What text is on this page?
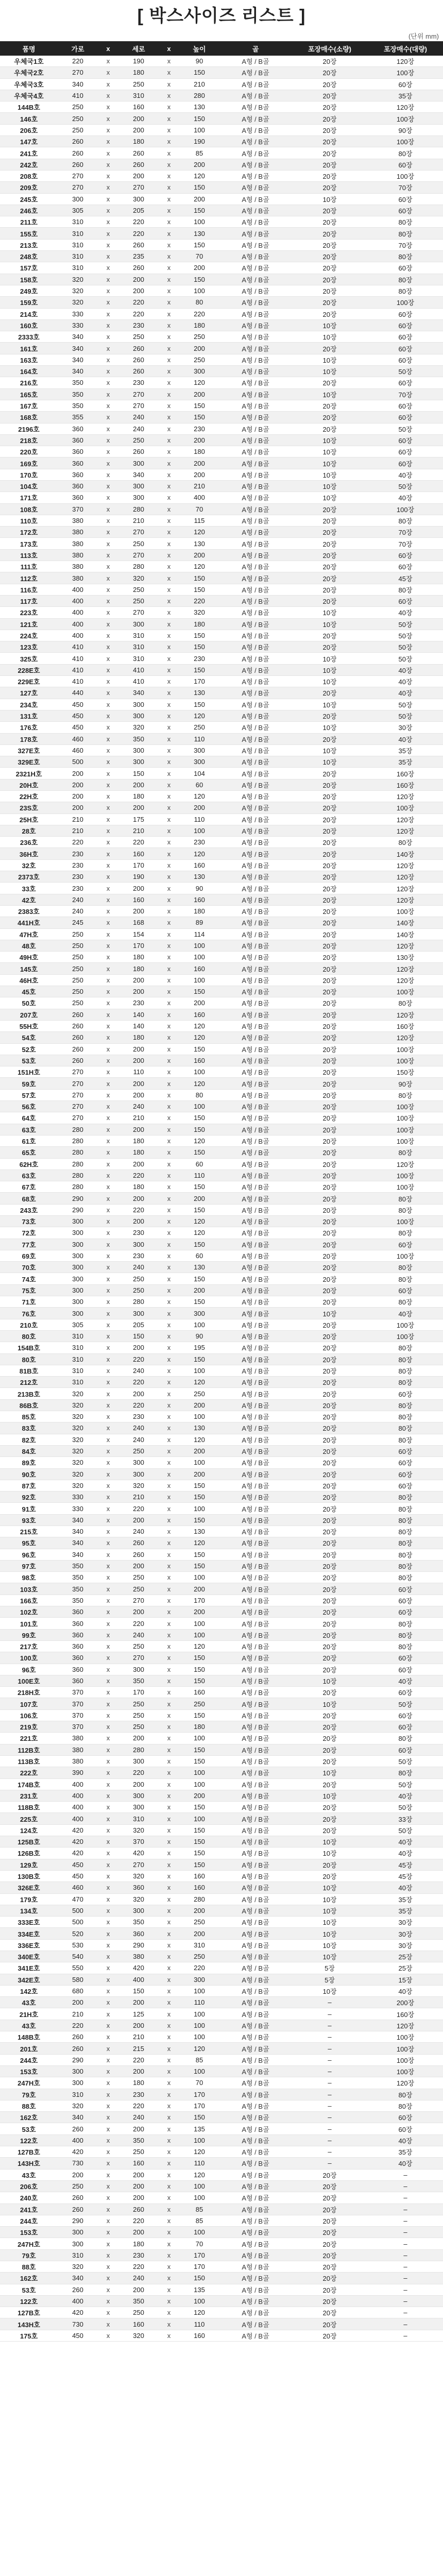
[ 박스사이즈 리스트 ]
(단위 mm)
품명	가로	x	세로	x	높이	골	포장매수(소량)	포장매수(대량)
우체국1호	220	x	190	x	90	A형 / B골	20장	120장
우체국2호	270	x	180	x	150	A형 / B골	20장	100장
우체국3호	340	x	250	x	210	A형 / B골	20장	60장
우체국4호	410	x	310	x	280	A형 / B골	20장	35장
144B호	250	x	160	x	130	A형 / B골	20장	120장
146호	250	x	200	x	150	A형 / B골	20장	100장
206호	250	x	200	x	100	A형 / B골	20장	90장
147호	260	x	180	x	190	A형 / B골	20장	100장
241호	260	x	260	x	85	A형 / B골	20장	80장
242호	260	x	260	x	200	A형 / B골	20장	60장
208호	270	x	200	x	120	A형 / B골	20장	100장
209호	270	x	270	x	150	A형 / B골	20장	70장
245호	300	x	300	x	200	A형 / B골	10장	60장
246호	305	x	205	x	150	A형 / B골	20장	60장
211호	310	x	220	x	100	A형 / B골	20장	80장
155호	310	x	220	x	130	A형 / B골	20장	80장
213호	310	x	260	x	150	A형 / B골	20장	70장
248호	310	x	235	x	70	A형 / B골	20장	80장
157호	310	x	260	x	200	A형 / B골	20장	60장
158호	320	x	200	x	150	A형 / B골	20장	80장
249호	320	x	200	x	100	A형 / B골	20장	80장
159호	320	x	220	x	80	A형 / B골	20장	100장
214호	330	x	220	x	220	A형 / B골	20장	60장
160호	330	x	230	x	180	A형 / B골	10장	60장
2333호	340	x	250	x	250	A형 / B골	10장	60장
161호	340	x	260	x	200	A형 / B골	20장	60장
163호	340	x	260	x	250	A형 / B골	10장	60장
164호	340	x	260	x	300	A형 / B골	10장	50장
216호	350	x	230	x	120	A형 / B골	20장	60장
165호	350	x	270	x	200	A형 / B골	10장	70장
167호	350	x	270	x	150	A형 / B골	20장	60장
168호	355	x	240	x	150	A형 / B골	20장	60장
2196호	360	x	240	x	230	A형 / B골	20장	50장
218호	360	x	250	x	200	A형 / B골	10장	60장
220호	360	x	260	x	180	A형 / B골	10장	60장
169호	360	x	300	x	200	A형 / B골	10장	60장
170호	360	x	340	x	200	A형 / B골	10장	40장
104호	360	x	300	x	210	A형 / B골	10장	50장
171호	360	x	300	x	400	A형 / B골	10장	40장
108호	370	x	280	x	70	A형 / B골	20장	100장
110호	380	x	210	x	115	A형 / B골	20장	80장
172호	380	x	270	x	120	A형 / B골	20장	70장
173호	380	x	250	x	130	A형 / B골	20장	70장
113호	380	x	270	x	200	A형 / B골	20장	60장
111호	380	x	280	x	120	A형 / B골	20장	60장
112호	380	x	320	x	150	A형 / B골	20장	45장
116호	400	x	250	x	150	A형 / B골	20장	80장
117호	400	x	250	x	220	A형 / B골	20장	60장
223호	400	x	270	x	320	A형 / B골	10장	40장
121호	400	x	300	x	180	A형 / B골	10장	50장
224호	400	x	310	x	150	A형 / B골	20장	50장
123호	410	x	310	x	150	A형 / B골	20장	50장
325호	410	x	310	x	230	A형 / B골	10장	50장
228E호	410	x	410	x	150	A형 / B골	10장	40장
229E호	410	x	410	x	170	A형 / B골	10장	40장
127호	440	x	340	x	130	A형 / B골	20장	40장
234호	450	x	300	x	150	A형 / B골	10장	50장
131호	450	x	300	x	120	A형 / B골	20장	50장
176호	450	x	320	x	250	A형 / B골	10장	30장
178호	460	x	350	x	110	A형 / B골	20장	40장
327E호	460	x	300	x	300	A형 / B골	10장	35장
329E호	500	x	300	x	300	A형 / B골	10장	35장
2321H호	200	x	150	x	104	A형 / B골	20장	160장
20H호	200	x	200	x	60	A형 / B골	20장	160장
22H호	200	x	180	x	120	A형 / B골	20장	120장
23S호	200	x	200	x	200	A형 / B골	20장	100장
25H호	210	x	175	x	110	A형 / B골	20장	120장
28호	210	x	210	x	100	A형 / B골	20장	120장
236호	220	x	220	x	230	A형 / B골	20장	80장
36H호	230	x	160	x	120	A형 / B골	20장	140장
32호	230	x	170	x	160	A형 / B골	20장	120장
2373호	230	x	190	x	130	A형 / B골	20장	120장
33호	230	x	200	x	90	A형 / B골	20장	120장
42호	240	x	160	x	160	A형 / B골	20장	120장
2383호	240	x	200	x	180	A형 / B골	20장	100장
441H호	245	x	168	x	89	A형 / B골	20장	140장
47H호	250	x	154	x	114	A형 / B골	20장	140장
48호	250	x	170	x	100	A형 / B골	20장	120장
49H호	250	x	180	x	100	A형 / B골	20장	130장
145호	250	x	180	x	160	A형 / B골	20장	120장
46H호	250	x	200	x	100	A형 / B골	20장	120장
45호	250	x	200	x	150	A형 / B골	20장	100장
50호	250	x	230	x	200	A형 / B골	20장	80장
207호	260	x	140	x	160	A형 / B골	20장	120장
55H호	260	x	140	x	120	A형 / B골	20장	160장
54호	260	x	180	x	120	A형 / B골	20장	120장
52호	260	x	200	x	150	A형 / B골	20장	100장
53호	260	x	200	x	160	A형 / B골	20장	100장
151H호	270	x	110	x	100	A형 / B골	20장	150장
59호	270	x	200	x	120	A형 / B골	20장	90장
57호	270	x	200	x	80	A형 / B골	20장	80장
56호	270	x	240	x	100	A형 / B골	20장	100장
64호	270	x	210	x	150	A형 / B골	20장	100장
63호	280	x	200	x	150	A형 / B골	20장	100장
61호	280	x	180	x	120	A형 / B골	20장	100장
65호	280	x	180	x	150	A형 / B골	20장	80장
62H호	280	x	200	x	60	A형 / B골	20장	120장
63호	280	x	220	x	110	A형 / B골	20장	100장
67호	280	x	180	x	150	A형 / B골	20장	100장
68호	290	x	200	x	200	A형 / B골	20장	80장
243호	290	x	220	x	150	A형 / B골	20장	80장
73호	300	x	200	x	120	A형 / B골	20장	100장
72호	300	x	230	x	120	A형 / B골	20장	80장
77호	300	x	300	x	150	A형 / B골	20장	60장
69호	300	x	230	x	60	A형 / B골	20장	100장
70호	300	x	240	x	130	A형 / B골	20장	80장
74호	300	x	250	x	150	A형 / B골	20장	80장
75호	300	x	250	x	200	A형 / B골	20장	60장
71호	300	x	280	x	150	A형 / B골	20장	80장
76호	300	x	300	x	300	A형 / B골	10장	40장
210호	305	x	205	x	100	A형 / B골	20장	100장
80호	310	x	150	x	90	A형 / B골	20장	100장
154B호	310	x	200	x	195	A형 / B골	20장	80장
80호	310	x	220	x	150	A형 / B골	20장	80장
81B호	310	x	240	x	100	A형 / B골	20장	80장
212호	310	x	220	x	120	A형 / B골	20장	80장
213B호	320	x	200	x	250	A형 / B골	20장	60장
86B호	320	x	220	x	200	A형 / B골	20장	80장
85호	320	x	230	x	100	A형 / B골	20장	80장
83호	320	x	240	x	130	A형 / B골	20장	80장
82호	320	x	240	x	120	A형 / B골	20장	80장
84호	320	x	250	x	200	A형 / B골	20장	60장
89호	320	x	300	x	100	A형 / B골	20장	60장
90호	320	x	300	x	200	A형 / B골	20장	60장
87호	320	x	320	x	150	A형 / B골	20장	60장
92호	330	x	210	x	150	A형 / B골	20장	80장
91호	330	x	220	x	100	A형 / B골	20장	80장
93호	340	x	200	x	150	A형 / B골	20장	80장
215호	340	x	240	x	130	A형 / B골	20장	80장
95호	340	x	260	x	120	A형 / B골	20장	80장
96호	340	x	260	x	150	A형 / B골	20장	80장
97호	350	x	200	x	150	A형 / B골	20장	80장
98호	350	x	250	x	100	A형 / B골	20장	80장
103호	350	x	250	x	200	A형 / B골	20장	60장
166호	350	x	270	x	170	A형 / B골	20장	60장
102호	360	x	200	x	200	A형 / B골	20장	60장
101호	360	x	220	x	100	A형 / B골	20장	80장
99호	360	x	240	x	100	A형 / B골	20장	80장
217호	360	x	250	x	120	A형 / B골	20장	80장
100호	360	x	270	x	150	A형 / B골	20장	60장
96호	360	x	300	x	150	A형 / B골	20장	60장
100E호	360	x	350	x	150	A형 / B골	10장	40장
218H호	370	x	170	x	160	A형 / B골	20장	60장
107호	370	x	250	x	250	A형 / B골	10장	50장
106호	370	x	250	x	150	A형 / B골	20장	60장
219호	370	x	250	x	180	A형 / B골	20장	60장
221호	380	x	200	x	100	A형 / B골	20장	80장
112B호	380	x	280	x	150	A형 / B골	20장	60장
113B호	380	x	300	x	150	A형 / B골	20장	50장
222호	390	x	220	x	100	A형 / B골	10장	80장
174B호	400	x	200	x	100	A형 / B골	20장	50장
231호	400	x	300	x	200	A형 / B골	10장	40장
118B호	400	x	300	x	150	A형 / B골	20장	50장
225호	400	x	310	x	100	A형 / B골	20장	33장
124호	420	x	320	x	150	A형 / B골	20장	50장
125B호	420	x	370	x	150	A형 / B골	10장	40장
126B호	420	x	420	x	150	A형 / B골	10장	40장
129호	450	x	270	x	150	A형 / B골	20장	45장
130B호	450	x	320	x	160	A형 / B골	20장	45장
326E호	460	x	360	x	160	A형 / B골	10장	40장
179호	470	x	320	x	280	A형 / B골	10장	35장
134호	500	x	300	x	200	A형 / B골	10장	35장
333E호	500	x	350	x	250	A형 / B골	10장	30장
334E호	520	x	360	x	200	A형 / B골	10장	30장
336E호	530	x	290	x	310	A형 / B골	10장	30장
340E호	540	x	380	x	250	A형 / B골	10장	25장
341E호	550	x	420	x	220	A형 / B골	5장	25장
342E호	580	x	400	x	300	A형 / B골	5장	15장
142호	680	x	150	x	100	A형 / B골	10장	40장
43호	200	x	200	x	110	A형 / B골	–	200장
21H호	210	x	125	x	100	A형 / B골	–	160장
43호	220	x	200	x	100	A형 / B골	–	120장
148B호	260	x	210	x	100	A형 / B골	–	100장
201호	260	x	215	x	120	A형 / B골	–	100장
244호	290	x	220	x	85	A형 / B골	–	100장
153호	300	x	200	x	100	A형 / B골	–	100장
247H호	300	x	180	x	70	A형 / B골	–	120장
79호	310	x	230	x	170	A형 / B골	–	80장
88호	320	x	220	x	170	A형 / B골	–	80장
162호	340	x	240	x	150	A형 / B골	–	60장
53호	260	x	200	x	135	A형 / B골	–	60장
122호	400	x	350	x	100	A형 / B골	–	40장
127B호	420	x	250	x	120	A형 / B골	–	35장
143H호	730	x	160	x	110	A형 / B골	–	40장
43호	200	x	200	x	120	A형 / B골	20장	–
206호	250	x	200	x	100	A형 / B골	20장	–
240호	260	x	200	x	100	A형 / B골	20장	–
241호	260	x	260	x	85	A형 / B골	20장	–
244호	290	x	220	x	85	A형 / B골	20장	–
153호	300	x	200	x	100	A형 / B골	20장	–
247H호	300	x	180	x	70	A형 / B골	20장	–
79호	310	x	230	x	170	A형 / B골	20장	–
88호	320	x	220	x	170	A형 / B골	20장	–
162호	340	x	240	x	150	A형 / B골	20장	–
53호	260	x	200	x	135	A형 / B골	20장	–
122호	400	x	350	x	100	A형 / B골	20장	–
127B호	420	x	250	x	120	A형 / B골	20장	–
143H호	730	x	160	x	110	A형 / B골	20장	–
175호	450	x	320	x	160	A형 / B골	20장	–
